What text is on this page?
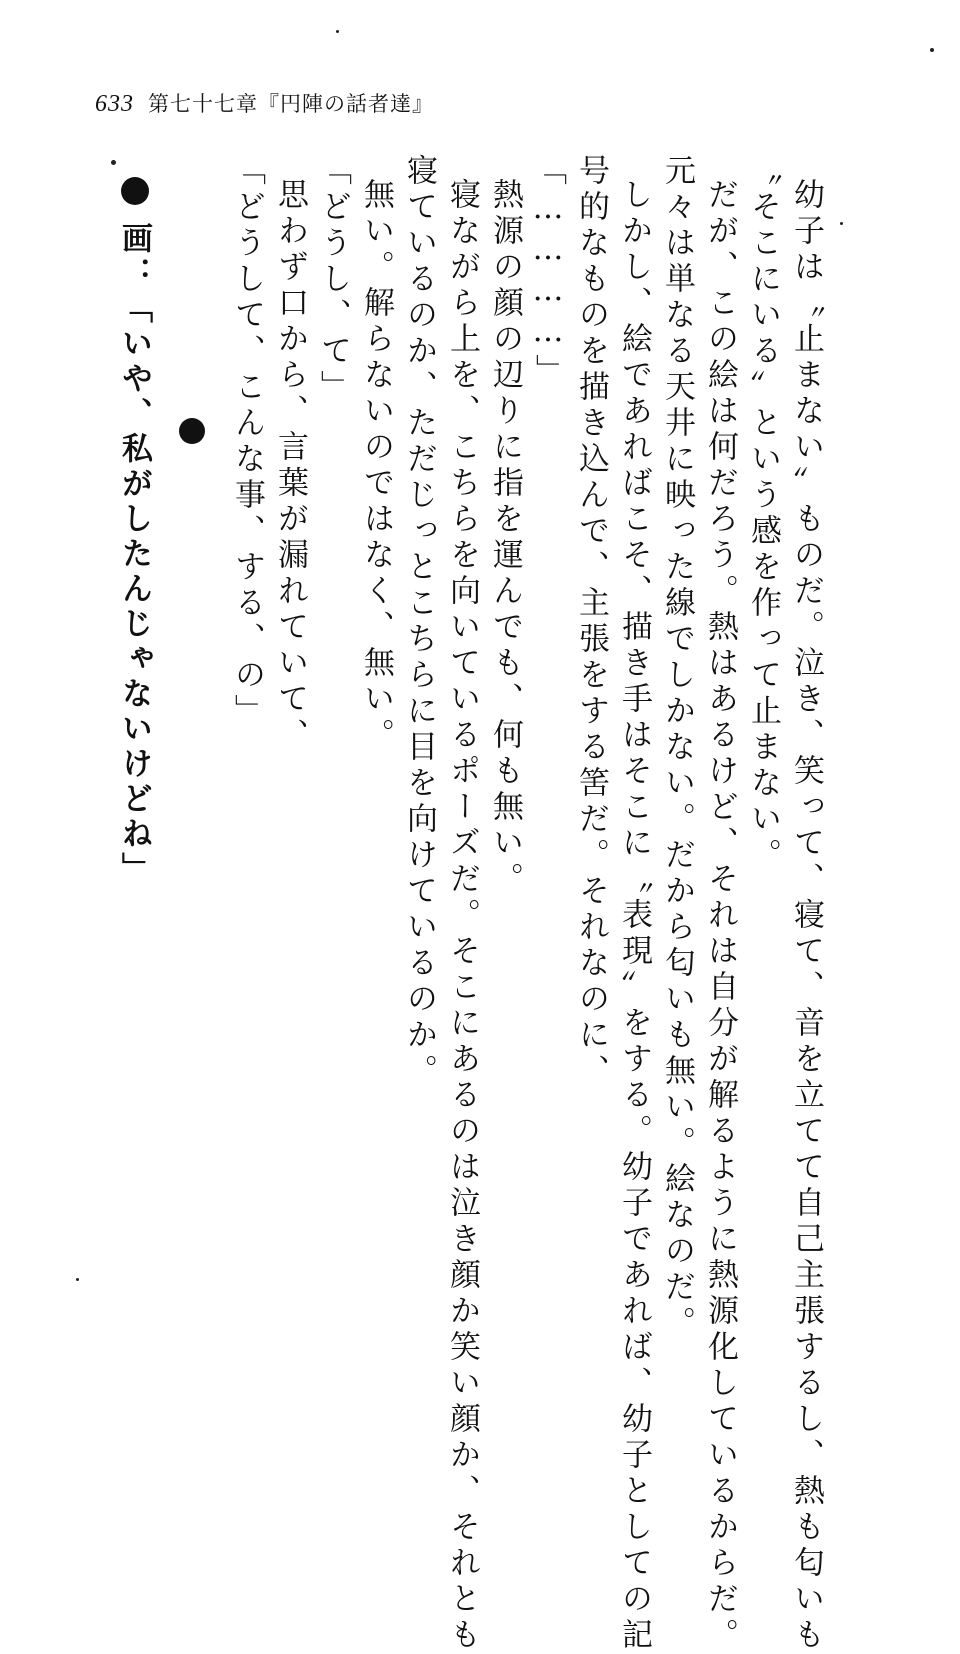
633 第七十七章『円陣の話者達』
幼子は〝止まない〟ものだ。泣き、笑って、寝て、音を立てて自己主張するし、熱も匂いも
〝そこにいる〟という感を作って止まない。
だが、この絵は何だろう。熱はあるけど、それは自分が解るように熱源化しているからだ。
元々は単なる天井に映った線でしかない。だから匂いも無い。絵なのだ。
しかし、絵であればこそ、描き手はそこに〝表現〟をする。幼子であれば、幼子としての記
号的なものを描き込んで、主張をする筈だ。それなのに、
「…………」
熱源の顔の辺りに指を運んでも、何も無い。
寝ながら上を、こちらを向いているポーズだ。そこにあるのは泣き顔か笑い顔か、それとも
寝ているのか、ただじっとこちらに目を向けているのか。
無い。解らないのではなく、無い。
「どうし、て」
思わず口から、言葉が漏れていて、
「どうして、こんな事、する、の」
画：「いや、私がしたんじゃないけどね」
